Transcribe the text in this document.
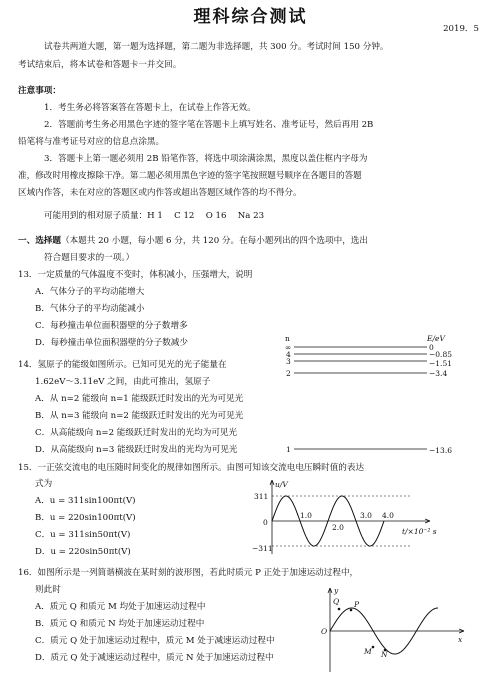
理科综合测试
2019．5
试卷共两道大题，第一题为选择题，第二题为非选择题，共 300 分。考试时间 150 分钟。
考试结束后，将本试卷和答题卡一并交回。
注意事项：
1．考生务必将答案答在答题卡上，在试卷上作答无效。
2．答题前考生务必用黑色字迹的签字笔在答题卡上填写姓名、准考证号，然后再用 2B
铅笔将与准考证号对应的信息点涂黑。
3．答题卡上第一题必须用 2B 铅笔作答，将选中项涂满涂黑，黑度以盖住框内字母为
准，修改时用橡皮擦除干净。第二题必须用黑色字迹的签字笔按照题号顺序在各题目的答题
区域内作答，未在对应的答题区或内作答或超出答题区域作答的均不得分。
可能用到的相对原子质量：H 1　 C 12　 O 16　 Na 23
一、选择题（本题共 20 小题，每小题 6 分，共 120 分。在每小题列出的四个选项中，选出
符合题目要求的一项。）
13．一定质量的气体温度不变时，体积减小，压强增大，说明
A．气体分子的平均动能增大
B．气体分子的平均动能减小
C．每秒撞击单位面积器壁的分子数增多
D．每秒撞击单位面积器壁的分子数减少
14．氢原子的能级如图所示。已知可见光的光子能量在
1.62eV～3.11eV 之间，由此可推出，氢原子
A．从 n=2 能级向 n=1 能级跃迁时发出的光为可见光
B．从 n=3 能级向 n=2 能级跃迁时发出的光为可见光
C．从高能级向 n=2 能级跃迁时发出的光均为可见光
D．从高能级向 n=3 能级跃迁时发出的光均为可见光
n	E/eV
∞	0
4	−0.85
3	−1.51
2	−3.4
1	−13.6
15．一正弦交流电的电压随时间变化的规律如图所示。由图可知该交流电电压瞬时值的表达
式为
A．u = 311sin100πt(V)
B．u = 220sin100πt(V)
C．u = 311sin50πt(V)
D．u = 220sin50πt(V)
u/V
311
−311
0
1.0
2.0
3.0 4.0
t/×10⁻² s
16．如图所示是一列简谐横波在某时刻的波形图，若此时质元 P 正处于加速运动过程中，
则此时
A．质元 Q 和质元 M 均处于加速运动过程中
B．质元 Q 和质元 N 均处于加速运动过程中
C．质元 Q 处于加速运动过程中，质元 M 处于减速运动过程中
D．质元 Q 处于减速运动过程中，质元 N 处于加速运动过程中
y
x
O
Q P
M N
